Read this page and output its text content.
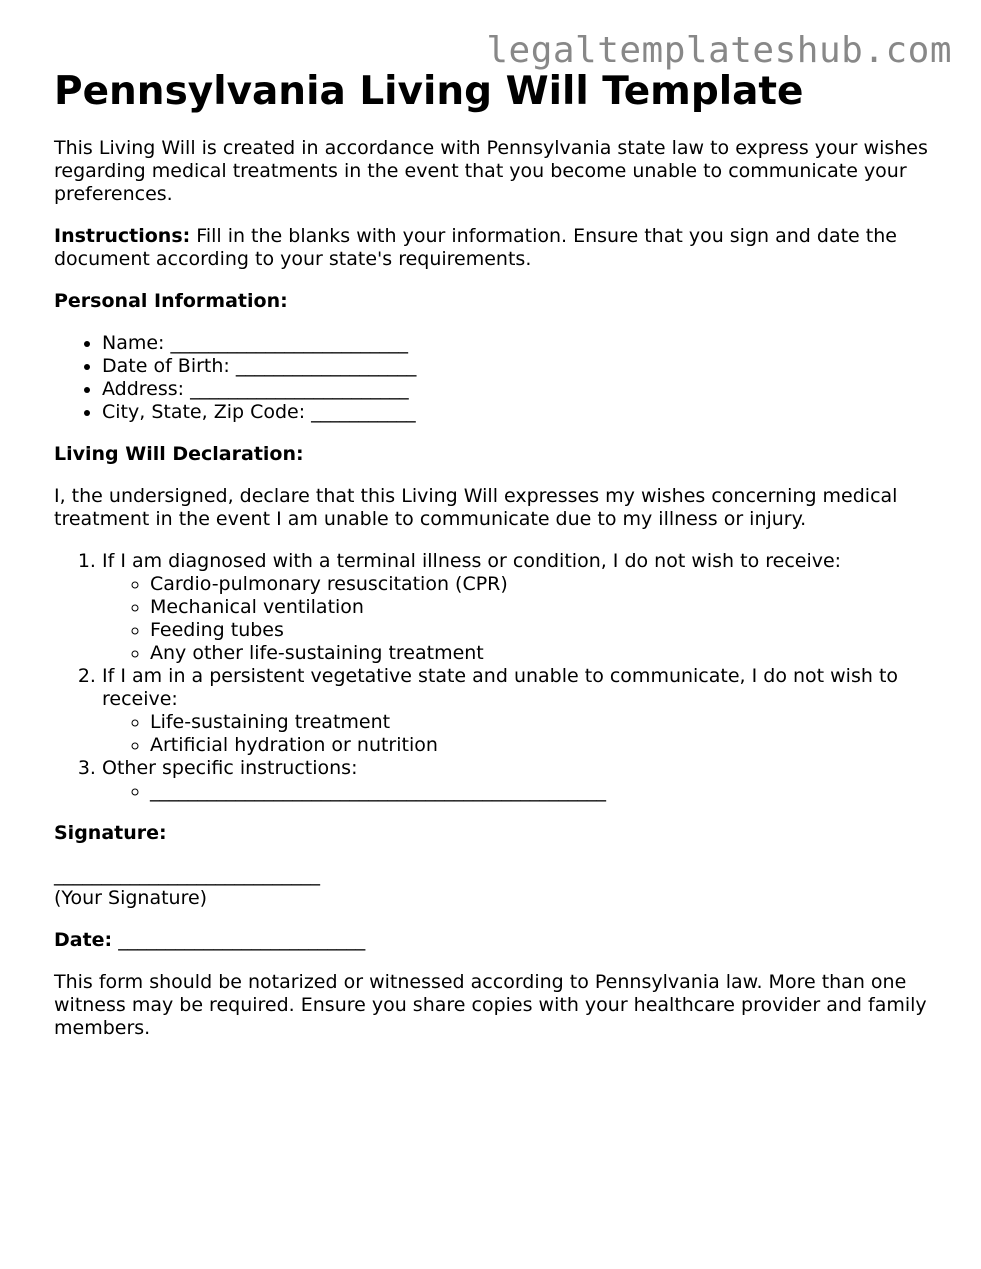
legaltemplateshub.com
Pennsylvania Living Will Template

This Living Will is created in accordance with Pennsylvania state law to express your wishes regarding medical treatments in the event that you become unable to communicate your preferences.

Instructions: Fill in the blanks with your information. Ensure that you sign and date the document according to your state's requirements.

Personal Information:

• Name: _________________________
• Date of Birth: ___________________
• Address: _______________________
• City, State, Zip Code: ___________

Living Will Declaration:

I, the undersigned, declare that this Living Will expresses my wishes concerning medical treatment in the event I am unable to communicate due to my illness or injury.

1. If I am diagnosed with a terminal illness or condition, I do not wish to receive:
◦ Cardio-pulmonary resuscitation (CPR)
◦ Mechanical ventilation
◦ Feeding tubes
◦ Any other life-sustaining treatment
2. If I am in a persistent vegetative state and unable to communicate, I do not wish to receive:
◦ Life-sustaining treatment
◦ Artificial hydration or nutrition
3. Other specific instructions:
◦ ________________________________________________

Signature:

____________________________
(Your Signature)

Date: __________________________

This form should be notarized or witnessed according to Pennsylvania law. More than one witness may be required. Ensure you share copies with your healthcare provider and family members.
